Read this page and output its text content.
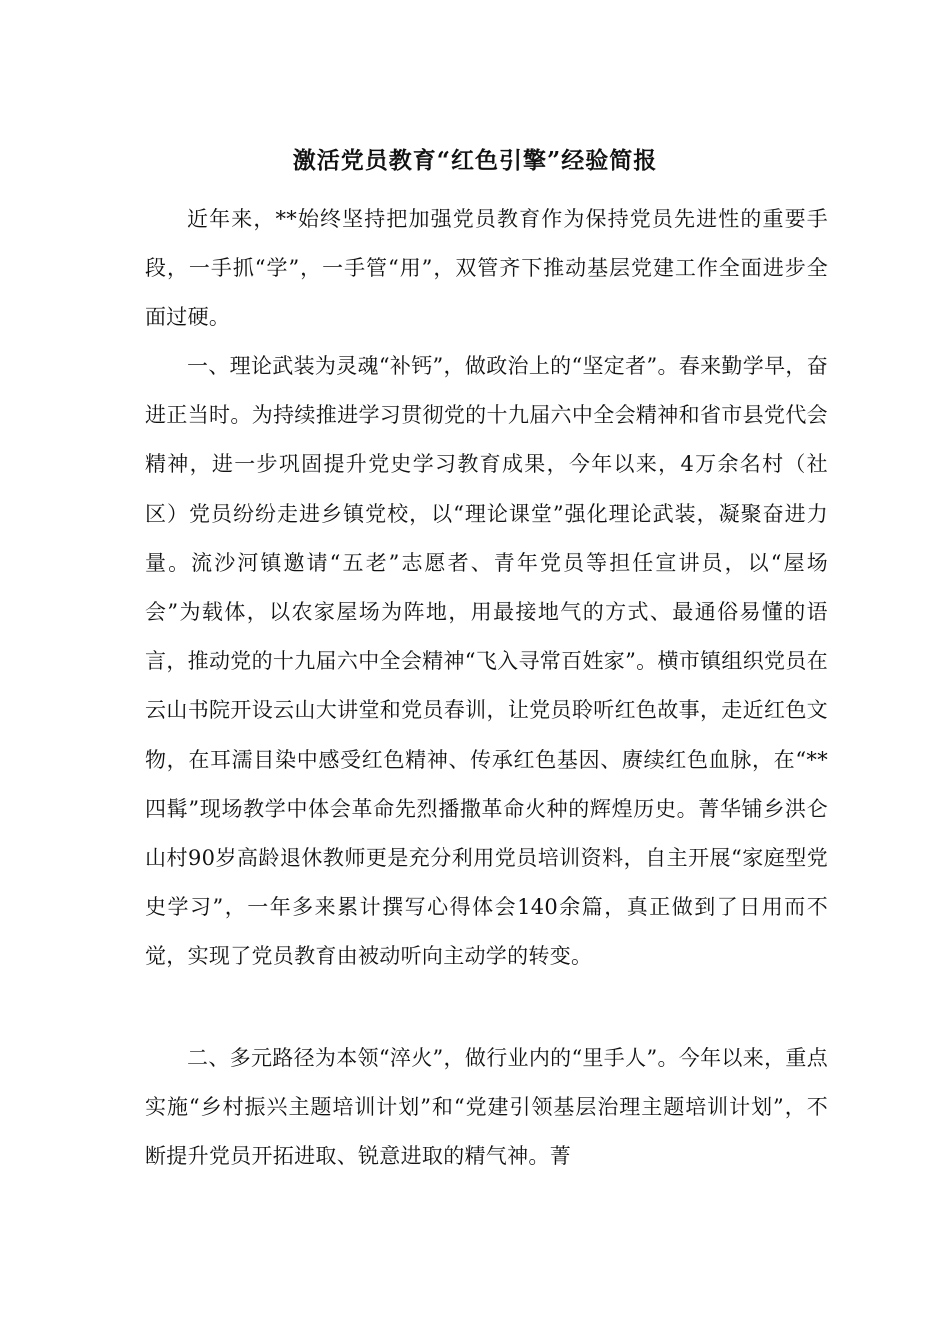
激活党员教育“红色引擎”经验简报

近年来，**始终坚持把加强党员教育作为保持党员先进性的重要手段，一手抓“学”，一手管“用”，双管齐下推动基层党建工作全面进步全面过硬。

一、理论武装为灵魂“补钙”，做政治上的“坚定者”。春来勤学早，奋进正当时。为持续推进学习贯彻党的十九届六中全会精神和省市县党代会精神，进一步巩固提升党史学习教育成果，今年以来，4万余名村（社区）党员纷纷走进乡镇党校，以“理论课堂”强化理论武装，凝聚奋进力量。流沙河镇邀请“五老”志愿者、青年党员等担任宣讲员，以“屋场会”为载体，以农家屋场为阵地，用最接地气的方式、最通俗易懂的语言，推动党的十九届六中全会精神“飞入寻常百姓家”。横市镇组织党员在云山书院开设云山大讲堂和党员春训，让党员聆听红色故事，走近红色文物，在耳濡目染中感受红色精神、传承红色基因、赓续红色血脉，在“**四髯”现场教学中体会革命先烈播撒革命火种的辉煌历史。菁华铺乡洪仑山村90岁高龄退休教师更是充分利用党员培训资料，自主开展“家庭型党史学习”，一年多来累计撰写心得体会140余篇，真正做到了日用而不觉，实现了党员教育由被动听向主动学的转变。

二、多元路径为本领“淬火”，做行业内的“里手人”。今年以来，重点实施“乡村振兴主题培训计划”和“党建引领基层治理主题培训计划”，不断提升党员开拓进取、锐意进取的精气神。菁
